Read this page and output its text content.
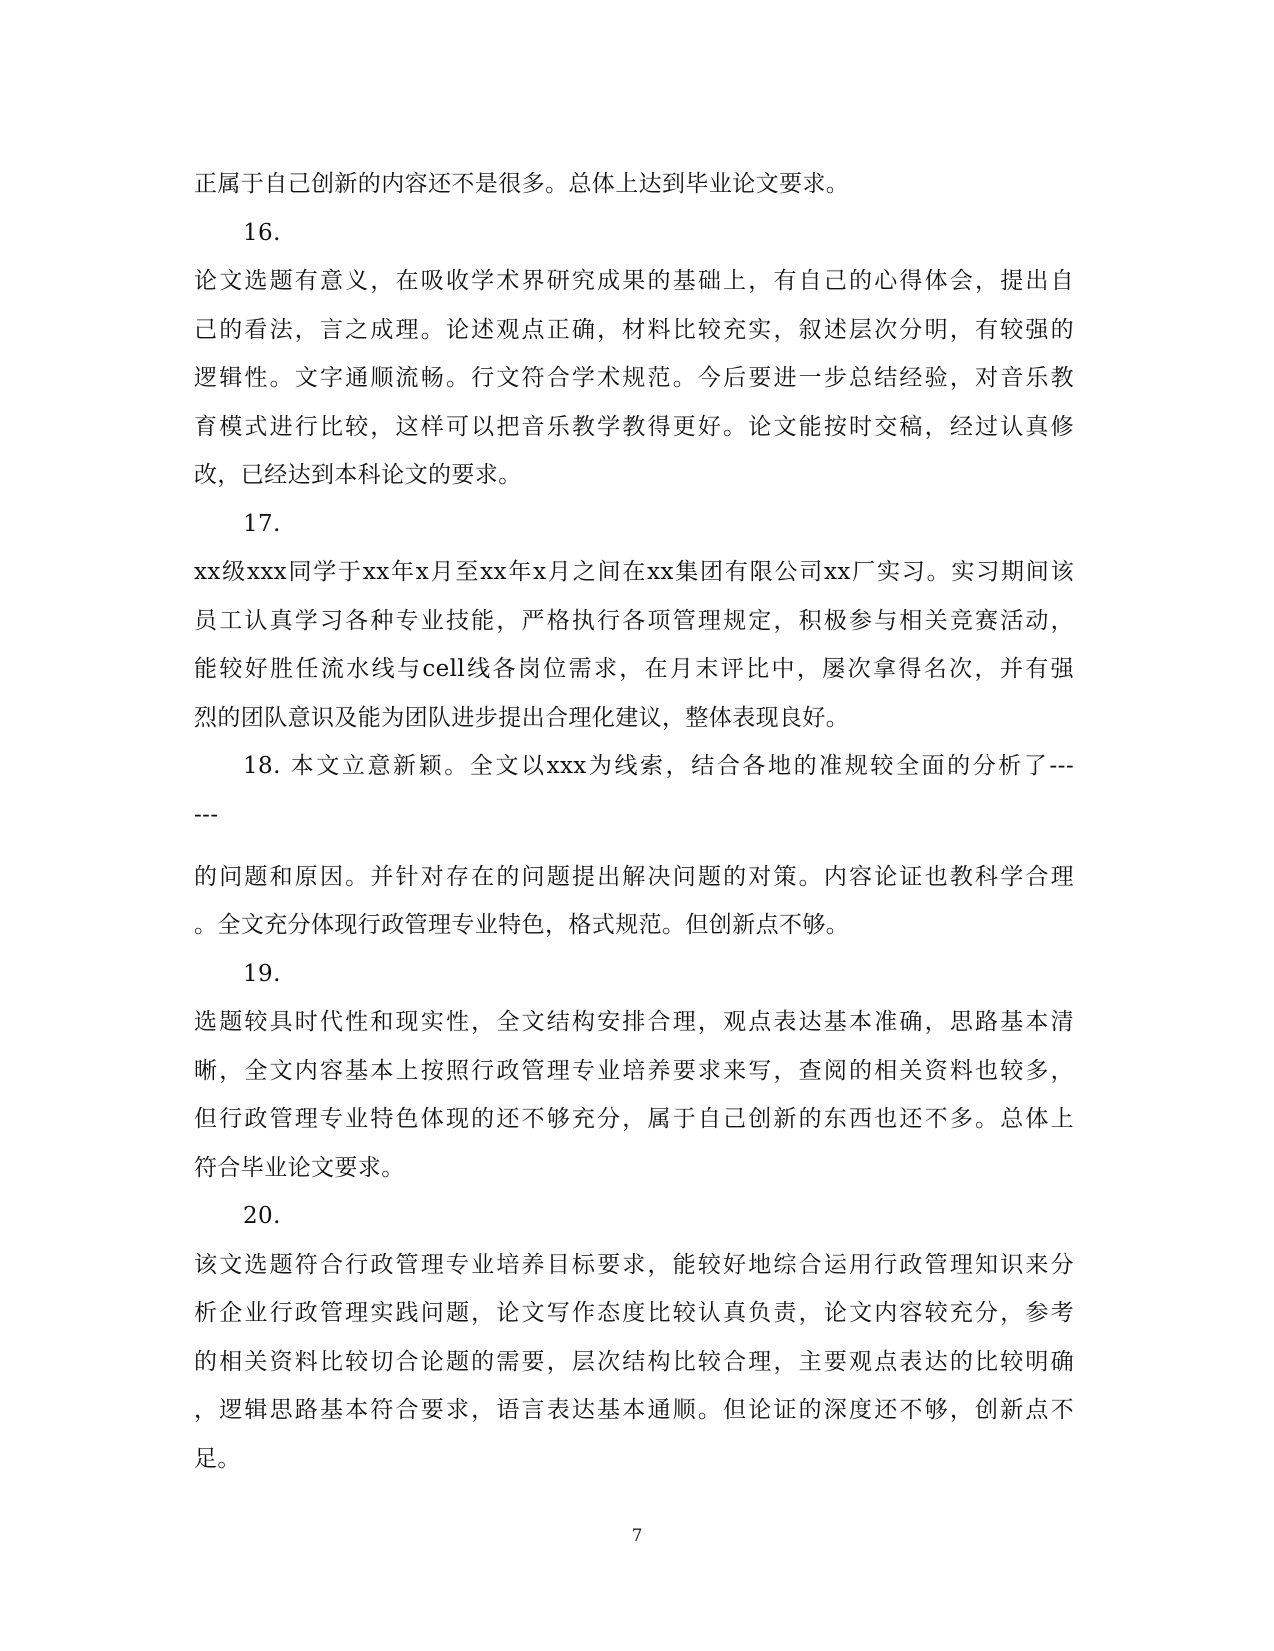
正属于自己创新的内容还不是很多。总体上达到毕业论文要求。
16.
论文选题有意义，在吸收学术界研究成果的基础上，有自己的心得体会，提出自
己的看法，言之成理。论述观点正确，材料比较充实，叙述层次分明，有较强的
逻辑性。文字通顺流畅。行文符合学术规范。今后要进一步总结经验，对音乐教
育模式进行比较，这样可以把音乐教学教得更好。论文能按时交稿，经过认真修
改，已经达到本科论文的要求。
17.
xx级xxx同学于xx年x月至xx年x月之间在xx集团有限公司xx厂实习。实习期间该
员工认真学习各种专业技能，严格执行各项管理规定，积极参与相关竞赛活动，
能较好胜任流水线与cell线各岗位需求，在月末评比中，屡次拿得名次，并有强
烈的团队意识及能为团队进步提出合理化建议，整体表现良好。
18. 本文立意新颖。全文以xxx为线索，结合各地的准规较全面的分析了---
---
的问题和原因。并针对存在的问题提出解决问题的对策。内容论证也教科学合理
。全文充分体现行政管理专业特色，格式规范。但创新点不够。
19.
选题较具时代性和现实性，全文结构安排合理，观点表达基本准确，思路基本清
晰，全文内容基本上按照行政管理专业培养要求来写，查阅的相关资料也较多，
但行政管理专业特色体现的还不够充分，属于自己创新的东西也还不多。总体上
符合毕业论文要求。
20.
该文选题符合行政管理专业培养目标要求，能较好地综合运用行政管理知识来分
析企业行政管理实践问题，论文写作态度比较认真负责，论文内容较充分，参考
的相关资料比较切合论题的需要，层次结构比较合理，主要观点表达的比较明确
，逻辑思路基本符合要求，语言表达基本通顺。但论证的深度还不够，创新点不
足。
7
